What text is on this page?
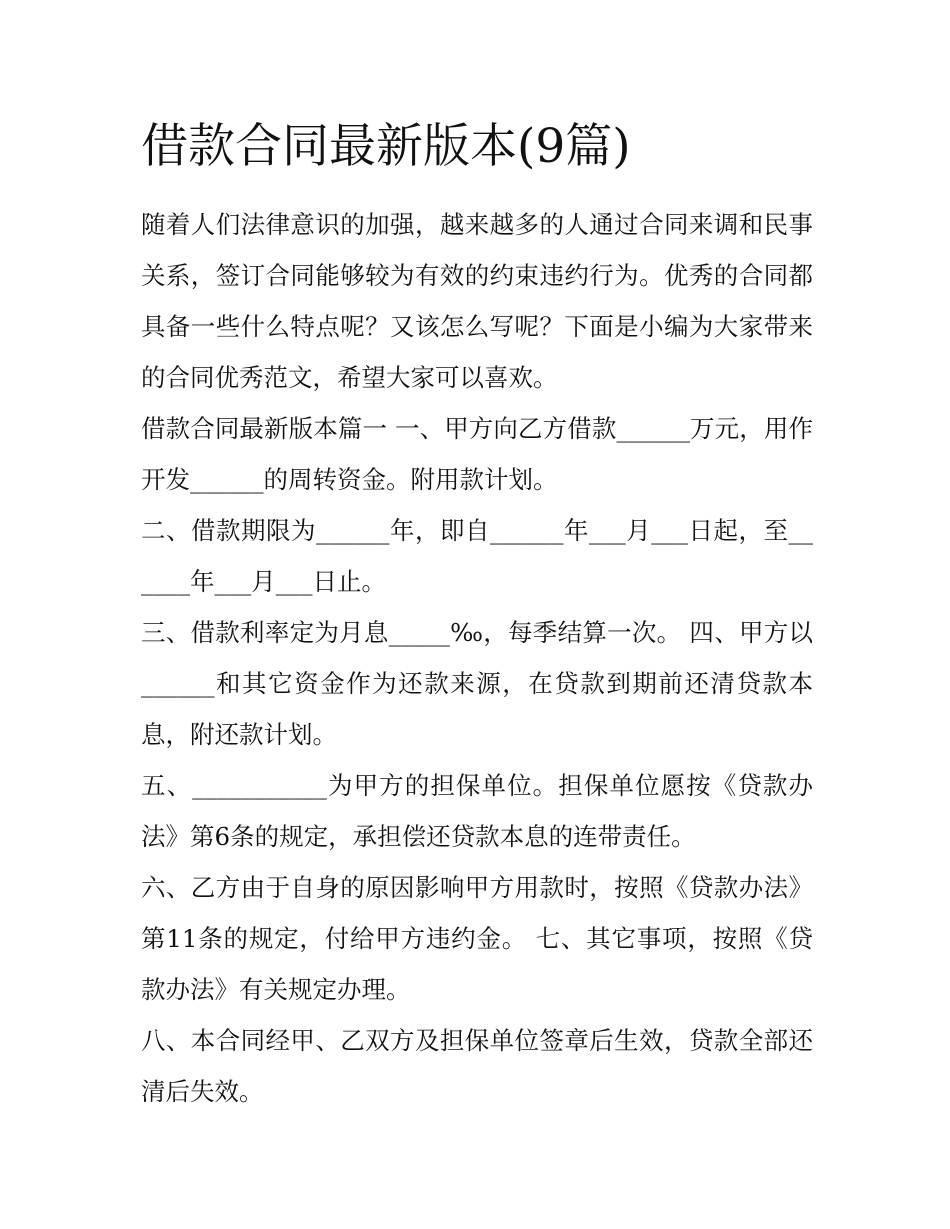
借款合同最新版本(9篇)

随着人们法律意识的加强，越来越多的人通过合同来调和民事关系，签订合同能够较为有效的约束违约行为。优秀的合同都具备一些什么特点呢？又该怎么写呢？下面是小编为大家带来的合同优秀范文，希望大家可以喜欢。

借款合同最新版本篇一 一、甲方向乙方借款______万元，用作开发______的周转资金。附用款计划。

二、借款期限为______年，即自______年___月___日起，至______年___月___日止。

三、借款利率定为月息_____‰，每季结算一次。 四、甲方以______和其它资金作为还款来源，在贷款到期前还清贷款本息，附还款计划。

五、___________为甲方的担保单位。担保单位愿按《贷款办法》第6条的规定，承担偿还贷款本息的连带责任。

六、乙方由于自身的原因影响甲方用款时，按照《贷款办法》第11条的规定，付给甲方违约金。 七、其它事项，按照《贷款办法》有关规定办理。

八、本合同经甲、乙双方及担保单位签章后生效，贷款全部还清后失效。
